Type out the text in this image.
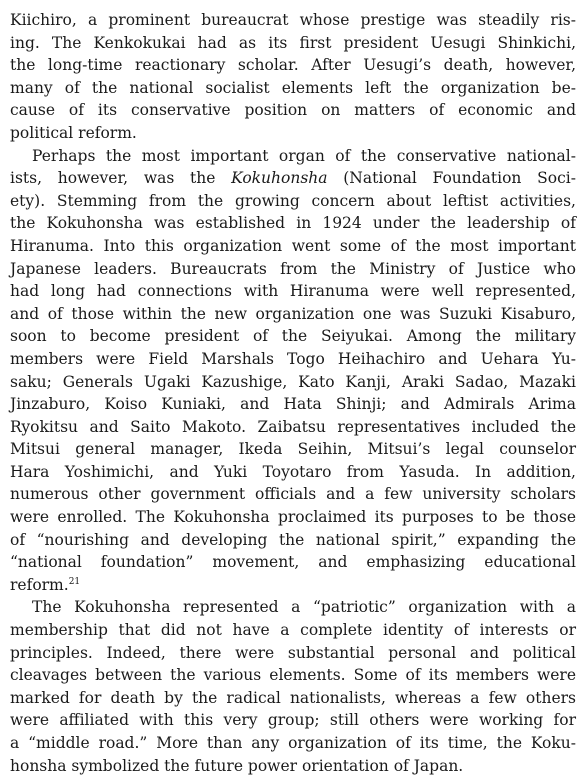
Kiichiro, a prominent bureaucrat whose prestige was steadily ris-
ing. The Kenkokukai had as its first president Uesugi Shinkichi,
the long-time reactionary scholar. After Uesugi’s death, however,
many of the national socialist elements left the organization be-
cause of its conservative position on matters of economic and
political reform.
Perhaps the most important organ of the conservative national-
ists, however, was the Kokuhonsha (National Foundation Soci-
ety). Stemming from the growing concern about leftist activities,
the Kokuhonsha was established in 1924 under the leadership of
Hiranuma. Into this organization went some of the most important
Japanese leaders. Bureaucrats from the Ministry of Justice who
had long had connections with Hiranuma were well represented,
and of those within the new organization one was Suzuki Kisaburo,
soon to become president of the Seiyukai. Among the military
members were Field Marshals Togo Heihachiro and Uehara Yu-
saku; Generals Ugaki Kazushige, Kato Kanji, Araki Sadao, Mazaki
Jinzaburo, Koiso Kuniaki, and Hata Shinji; and Admirals Arima
Ryokitsu and Saito Makoto. Zaibatsu representatives included the
Mitsui general manager, Ikeda Seihin, Mitsui’s legal counselor
Hara Yoshimichi, and Yuki Toyotaro from Yasuda. In addition,
numerous other government officials and a few university scholars
were enrolled. The Kokuhonsha proclaimed its purposes to be those
of “nourishing and developing the national spirit,” expanding the
“national foundation” movement, and emphasizing educational
reform.$^{21}$
The Kokuhonsha represented a “patriotic” organization with a
membership that did not have a complete identity of interests or
principles. Indeed, there were substantial personal and political
cleavages between the various elements. Some of its members were
marked for death by the radical nationalists, whereas a few others
were affiliated with this very group; still others were working for
a “middle road.” More than any organization of its time, the Koku-
honsha symbolized the future power orientation of Japan.
